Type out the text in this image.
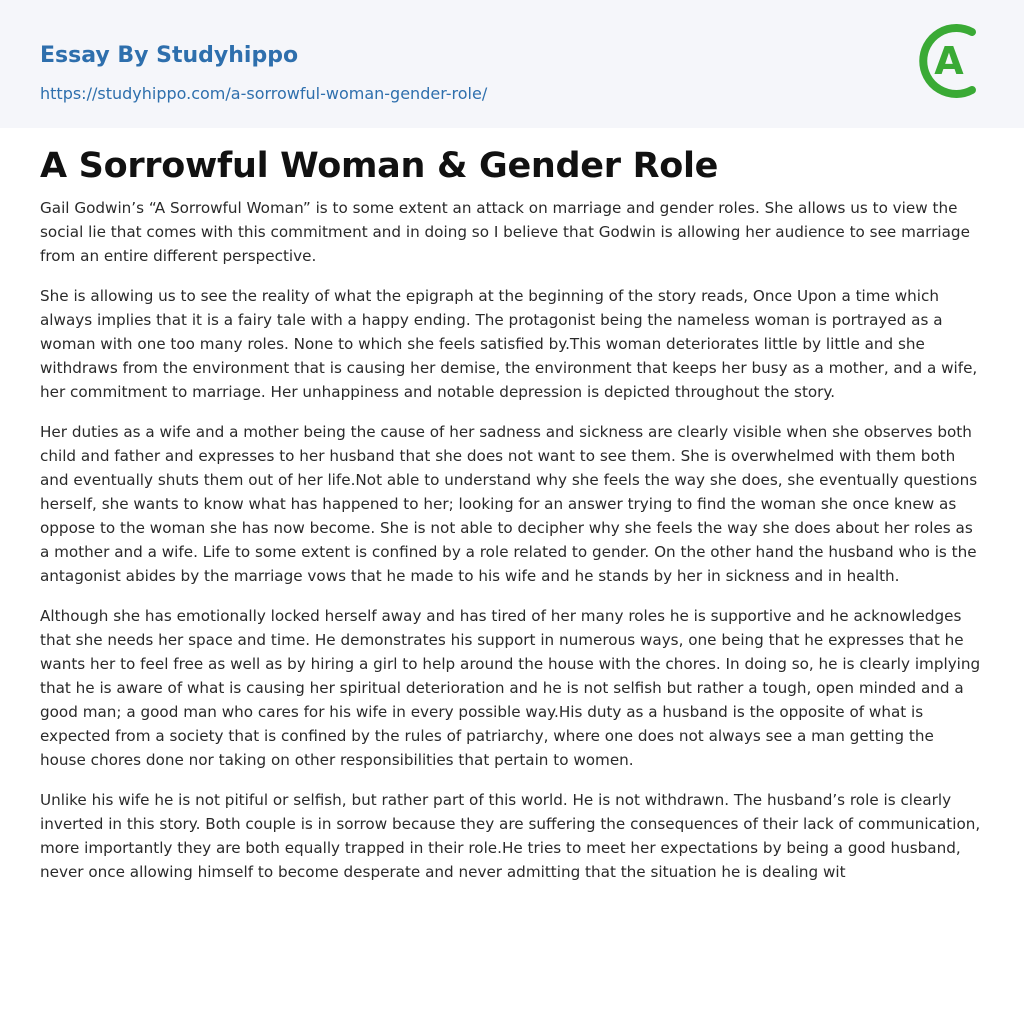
Essay By Studyhippo
https://studyhippo.com/a-sorrowful-woman-gender-role/
A
A Sorrowful Woman & Gender Role

Gail Godwin’s “A Sorrowful Woman” is to some extent an attack on marriage and gender roles. She allows us to view the social lie that comes with this commitment and in doing so I believe that Godwin is allowing her audience to see marriage from an entire different perspective.

She is allowing us to see the reality of what the epigraph at the beginning of the story reads, Once Upon a time which always implies that it is a fairy tale with a happy ending. The protagonist being the nameless woman is portrayed as a woman with one too many roles. None to which she feels satisfied by.This woman deteriorates little by little and she withdraws from the environment that is causing her demise, the environment that keeps her busy as a mother, and a wife, her commitment to marriage. Her unhappiness and notable depression is depicted throughout the story.

Her duties as a wife and a mother being the cause of her sadness and sickness are clearly visible when she observes both child and father and expresses to her husband that she does not want to see them. She is overwhelmed with them both and eventually shuts them out of her life.Not able to understand why she feels the way she does, she eventually questions herself, she wants to know what has happened to her; looking for an answer trying to find the woman she once knew as oppose to the woman she has now become. She is not able to decipher why she feels the way she does about her roles as a mother and a wife. Life to some extent is confined by a role related to gender. On the other hand the husband who is the antagonist abides by the marriage vows that he made to his wife and he stands by her in sickness and in health.

Although she has emotionally locked herself away and has tired of her many roles he is supportive and he acknowledges that she needs her space and time. He demonstrates his support in numerous ways, one being that he expresses that he wants her to feel free as well as by hiring a girl to help around the house with the chores. In doing so, he is clearly implying that he is aware of what is causing her spiritual deterioration and he is not selfish but rather a tough, open minded and a good man; a good man who cares for his wife in every possible way.His duty as a husband is the opposite of what is expected from a society that is confined by the rules of patriarchy, where one does not always see a man getting the house chores done nor taking on other responsibilities that pertain to women.

Unlike his wife he is not pitiful or selfish, but rather part of this world. He is not withdrawn. The husband’s role is clearly inverted in this story. Both couple is in sorrow because they are suffering the consequences of their lack of communication, more importantly they are both equally trapped in their role.He tries to meet her expectations by being a good husband, never once allowing himself to become desperate and never admitting that the situation he is dealing wit
